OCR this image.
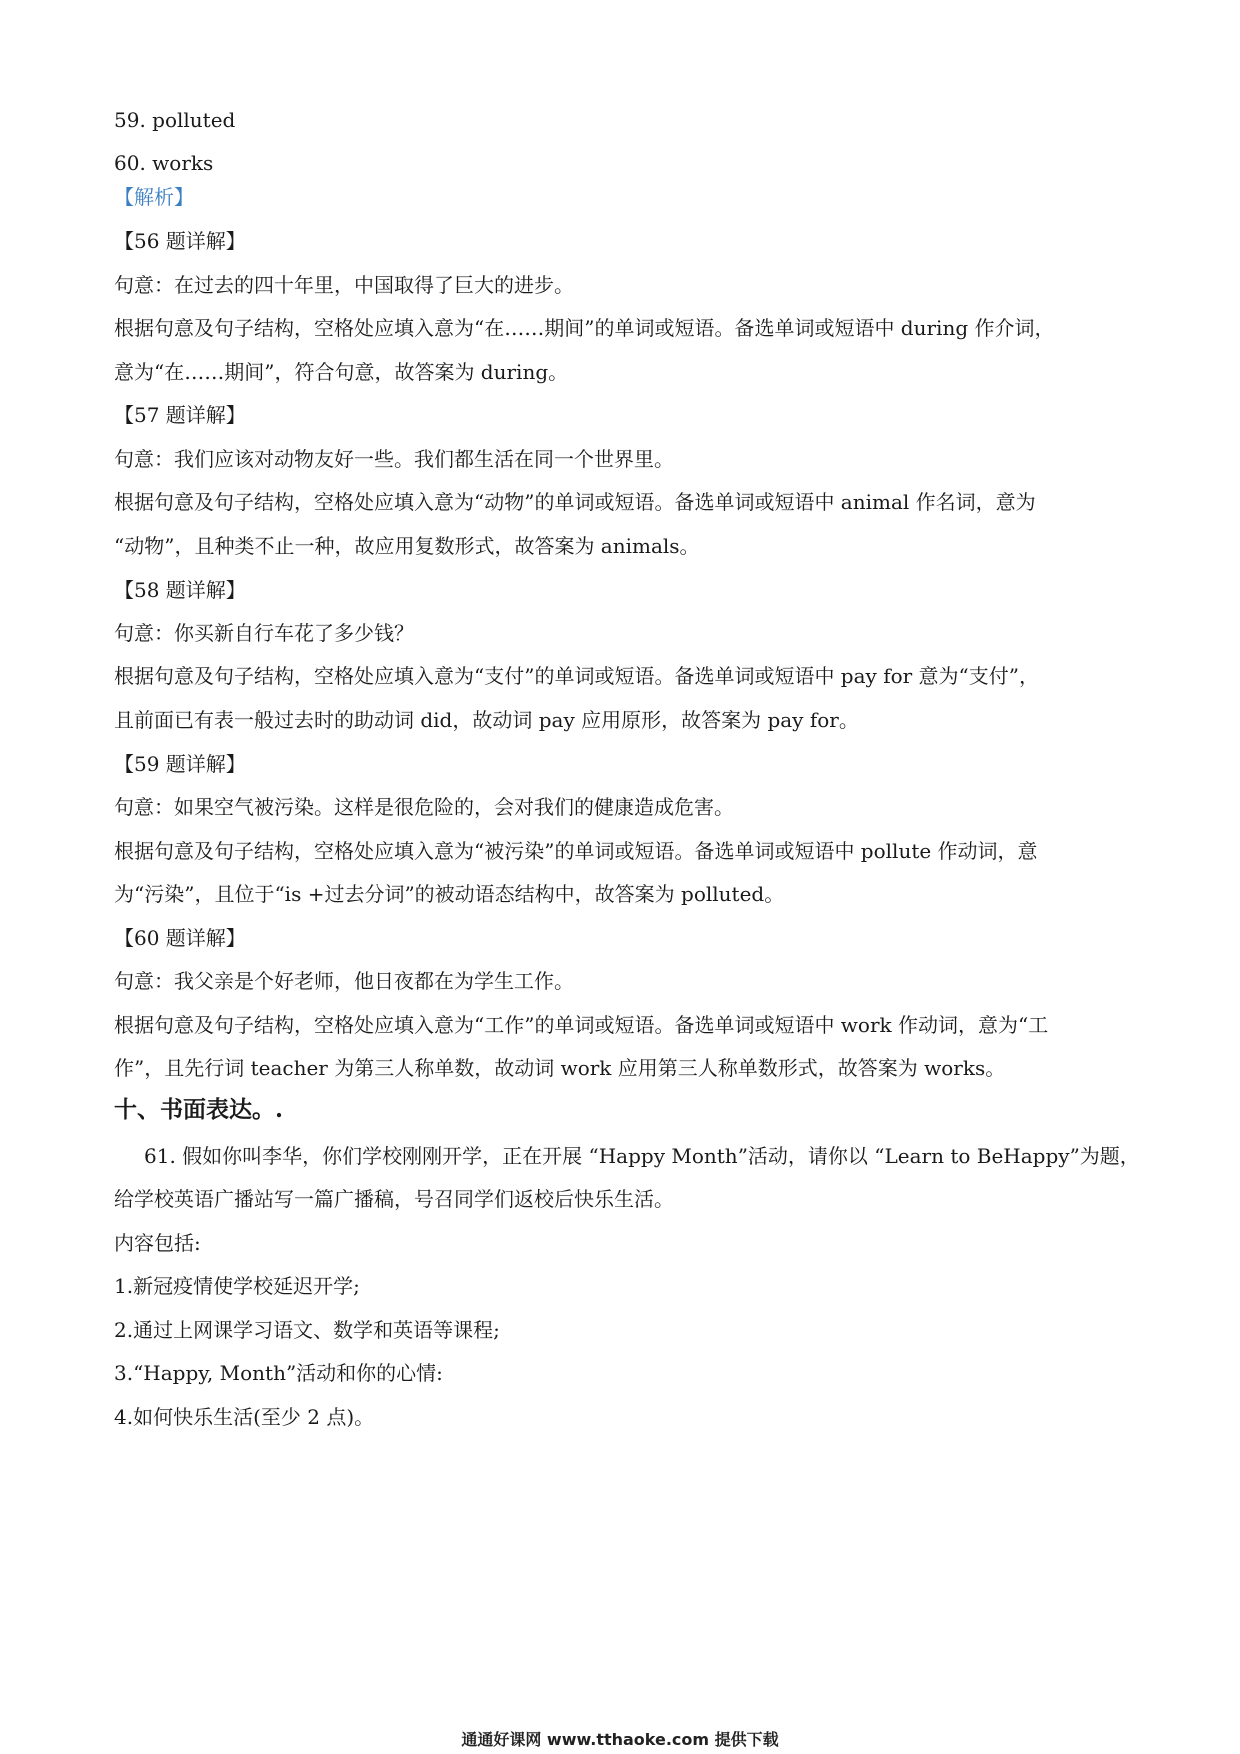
59. polluted
60. works
【解析】
【56 题详解】
句意：在过去的四十年里，中国取得了巨大的进步。
根据句意及句子结构，空格处应填入意为“在……期间”的单词或短语。备选单词或短语中 during 作介词，
意为“在……期间”，符合句意，故答案为 during。
【57 题详解】
句意：我们应该对动物友好一些。我们都生活在同一个世界里。
根据句意及句子结构，空格处应填入意为“动物”的单词或短语。备选单词或短语中 animal 作名词，意为
“动物”，且种类不止一种，故应用复数形式，故答案为 animals。
【58 题详解】
句意：你买新自行车花了多少钱？
根据句意及句子结构，空格处应填入意为“支付”的单词或短语。备选单词或短语中 pay for 意为“支付”，
且前面已有表一般过去时的助动词 did，故动词 pay 应用原形，故答案为 pay for。
【59 题详解】
句意：如果空气被污染。这样是很危险的，会对我们的健康造成危害。
根据句意及句子结构，空格处应填入意为“被污染”的单词或短语。备选单词或短语中 pollute 作动词，意
为“污染”，且位于“is +过去分词”的被动语态结构中，故答案为 polluted。
【60 题详解】
句意：我父亲是个好老师，他日夜都在为学生工作。
根据句意及句子结构，空格处应填入意为“工作”的单词或短语。备选单词或短语中 work 作动词，意为“工
作”，且先行词 teacher 为第三人称单数，故动词 work 应用第三人称单数形式，故答案为 works。
十、书面表达。.
61. 假如你叫李华，你们学校刚刚开学，正在开展 “Happy Month”活动，请你以 “Learn to BeHappy”为题，
给学校英语广播站写一篇广播稿，号召同学们返校后快乐生活。
内容包括:
1.新冠疫情使学校延迟开学;
2.通过上网课学习语文、数学和英语等课程;
3.“Happy, Month”活动和你的心情:
4.如何快乐生活(至少 2 点)。
通通好课网 www.tthaoke.com 提供下载
